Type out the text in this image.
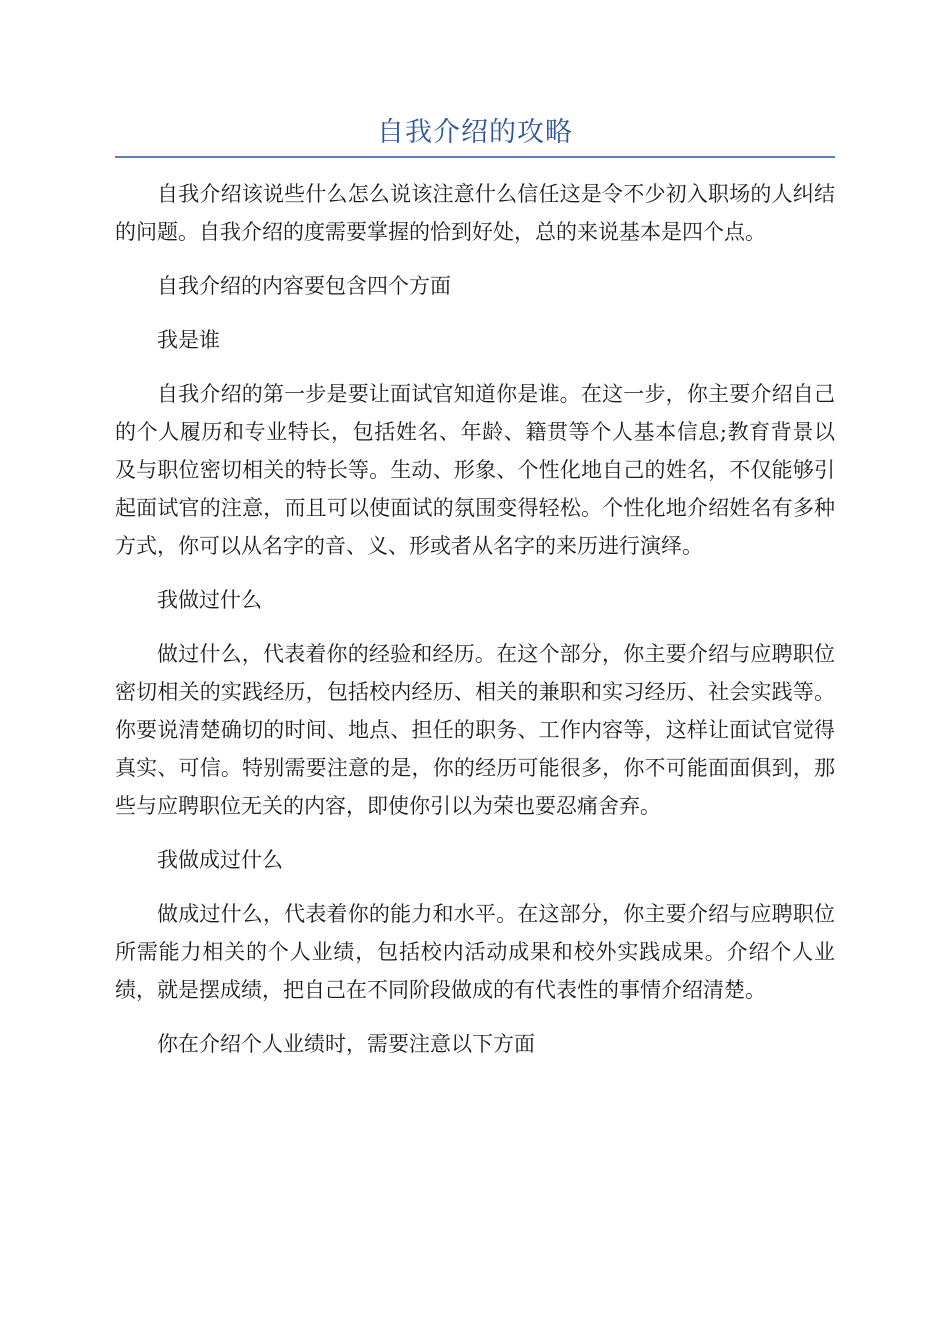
自我介绍的攻略

自我介绍该说些什么怎么说该注意什么信任这是令不少初入职场的人纠结的问题。自我介绍的度需要掌握的恰到好处，总的来说基本是四个点。

自我介绍的内容要包含四个方面

我是谁

自我介绍的第一步是要让面试官知道你是谁。在这一步，你主要介绍自己的个人履历和专业特长，包括姓名、年龄、籍贯等个人基本信息;教育背景以及与职位密切相关的特长等。生动、形象、个性化地自己的姓名，不仅能够引起面试官的注意，而且可以使面试的氛围变得轻松。个性化地介绍姓名有多种方式，你可以从名字的音、义、形或者从名字的来历进行演绎。

我做过什么

做过什么，代表着你的经验和经历。在这个部分，你主要介绍与应聘职位密切相关的实践经历，包括校内经历、相关的兼职和实习经历、社会实践等。你要说清楚确切的时间、地点、担任的职务、工作内容等，这样让面试官觉得真实、可信。特别需要注意的是，你的经历可能很多，你不可能面面俱到，那些与应聘职位无关的内容，即使你引以为荣也要忍痛舍弃。

我做成过什么

做成过什么，代表着你的能力和水平。在这部分，你主要介绍与应聘职位所需能力相关的个人业绩，包括校内活动成果和校外实践成果。介绍个人业绩，就是摆成绩，把自己在不同阶段做成的有代表性的事情介绍清楚。

你在介绍个人业绩时，需要注意以下方面
